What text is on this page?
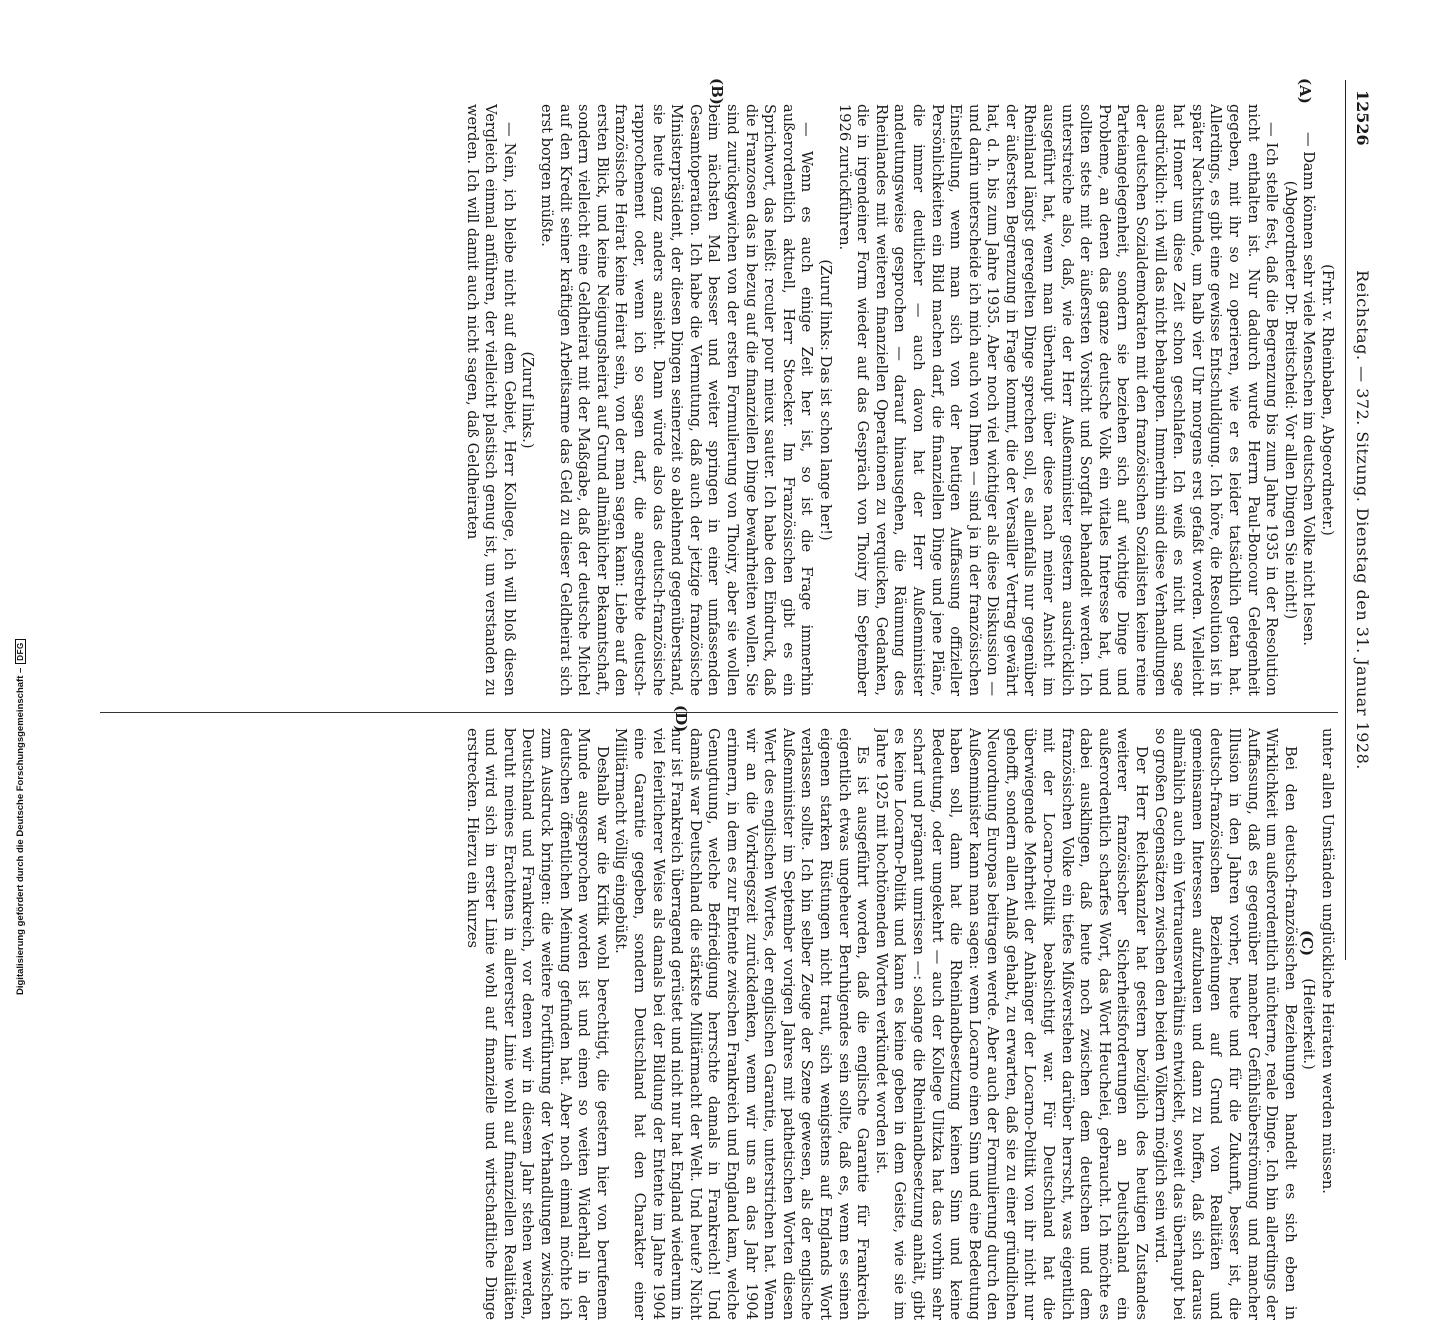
Digitalisierung gefördert durch die Deutsche Forschungsgemeinschaft –
DFG
12526
Reichstag. — 372. Sitzung. Dienstag den 31. Januar 1928.
(A)
(B)
(C)
(D)

(Frhr. v. Rheinbaben, Abgeordneter.)

— Dann können sehr viele Menschen im deutschen Volke nicht lesen.

(Abgeordneter Dr. Breitscheid: Vor allen Dingen Sie nicht!)

— Ich stelle fest, daß die Begrenzung bis zum Jahre 1935 in der Resolution nicht enthalten ist. Nur dadurch wurde Herrn Paul-Boncour Gelegenheit gegeben, mit ihr so zu operieren, wie er es leider tatsächlich getan hat. Allerdings, es gibt eine gewisse Entschuldigung. Ich höre, die Resolution ist in später Nachtstunde, um halb vier Uhr morgens erst gefaßt worden. Vielleicht hat Homer um diese Zeit schon geschlafen. Ich weiß es nicht und sage ausdrücklich: ich will das nicht behaupten. Immerhin sind diese Verhandlungen der deutschen Sozialdemokraten mit den französischen Sozialisten keine reine Parteiangelegenheit, sondern sie beziehen sich auf wichtige Dinge und Probleme, an denen das ganze deutsche Volk ein vitales Interesse hat, und sollten stets mit der äußersten Vorsicht und Sorgfalt behandelt werden. Ich unterstreiche also, daß, wie der Herr Außenminister gestern ausdrücklich ausgeführt hat, wenn man überhaupt über diese nach meiner Ansicht im Rheinland längst geregelten Dinge sprechen soll, es allenfalls nur gegenüber der äußersten Begrenzung in Frage kommt, die der Versailler Vertrag gewährt hat, d. h. bis zum Jahre 1935. Aber noch viel wichtiger als diese Diskussion — und darin unterscheide ich mich auch von Ihnen — sind ja in der französischen Einstellung, wenn man sich von der heutigen Auffassung offizieller Persönlichkeiten ein Bild machen darf, die finanziellen Dinge und jene Pläne, die immer deutlicher — auch davon hat der Herr Außenminister andeutungsweise gesprochen — darauf hinausgehen, die Räumung des Rheinlandes mit weiteren finanziellen Operationen zu verquicken, Gedanken, die in irgendeiner Form wieder auf das Gespräch von Thoiry im September 1926 zurückführen.

(Zuruf links: Das ist schon lange her!)

— Wenn es auch einige Zeit her ist, so ist die Frage immerhin außerordentlich aktuell, Herr Stoecker. Im Französischen gibt es ein Sprichwort, das heißt: reculer pour mieux sauter. Ich habe den Eindruck, daß die Franzosen das in bezug auf die finanziellen Dinge bewahrheiten wollen. Sie sind zurückgewichen von der ersten Formulierung von Thoiry, aber sie wollen beim nächsten Mal besser und weiter springen in einer umfassenden Gesamtoperation. Ich habe die Vermutung, daß auch der jetzige französische Ministerpräsident, der diesen Dingen seinerzeit so ablehnend gegenüberstand, sie heute ganz anders ansieht. Dann würde also das deutsch-französische rapprochement oder, wenn ich so sagen darf, die angestrebte deutsch-französische Heirat keine Heirat sein, von der man sagen kann: Liebe auf den ersten Blick, und keine Neigungsheirat auf Grund allmählicher Bekanntschaft, sondern vielleicht eine Geldheirat mit der Maßgabe, daß der deutsche Michel auf den Kredit seiner kräftigen Arbeitsarme das Geld zu dieser Geldheirat sich erst borgen müßte.

(Zuruf links.)

— Nein, ich bleibe nicht auf dem Gebiet, Herr Kollege, ich will bloß diesen Vergleich einmal anführen, der vielleicht plastisch genug ist, um verstanden zu werden. Ich will damit auch nicht sagen, daß Geldheiraten

unter allen Umständen unglückliche Heiraten werden müssen.

(Heiterkeit.)

Bei den deutsch-französischen Beziehungen handelt es sich eben in Wirklichkeit um außerordentlich nüchterne, reale Dinge. Ich bin allerdings der Auffassung, daß es gegenüber mancher Gefühlsüberströmung und mancher Illusion in den Jahren vorher, heute und für die Zukunft, besser ist, die deutsch-französischen Beziehungen auf Grund von Realitäten und gemeinsamen Interessen aufzubauen und dann zu hoffen, daß sich daraus allmählich auch ein Vertrauensverhältnis entwickelt, soweit das überhaupt bei so großen Gegensätzen zwischen den beiden Völkern möglich sein wird.

Der Herr Reichskanzler hat gestern bezüglich des heutigen Zustandes weiterer französischer Sicherheitsforderungen an Deutschland ein außerordentlich scharfes Wort, das Wort Heuchelei, gebraucht. Ich möchte es dabei ausklingen, daß heute noch zwischen dem deutschen und dem französischen Volke ein tiefes Mißverstehen darüber herrscht, was eigentlich mit der Locarno-Politik beabsichtigt war. Für Deutschland hat die überwiegende Mehrheit der Anhänger der Locarno-Politik von ihr nicht nur gehofft, sondern allen Anlaß gehabt, zu erwarten, daß sie zu einer gründlichen Neuordnung Europas beitragen werde. Aber auch der Formulierung durch den Außenminister kann man sagen: wenn Locarno einen Sinn und eine Bedeutung haben soll, dann hat die Rheinlandbesetzung keinen Sinn und keine Bedeutung, oder umgekehrt — auch der Kollege Ulitzka hat das vorhin sehr scharf und prägnant umrissen —: solange die Rheinlandbesetzung anhält, gibt es keine Locarno-Politik und kann es keine geben in dem Geiste, wie sie im Jahre 1925 mit hochtönenden Worten verkündet worden ist.

Es ist ausgeführt worden, daß die englische Garantie für Frankreich eigentlich etwas ungeheuer Beruhigendes sein sollte, daß es, wenn es seinen eigenen starken Rüstungen nicht traut, sich wenigstens auf Englands Wort verlassen sollte. Ich bin selber Zeuge der Szene gewesen, als der englische Außenminister im September vorigen Jahres mit pathetischen Worten diesen Wert des englischen Wortes, der englischen Garantie, unterstrichen hat. Wenn wir an die Vorkriegszeit zurückdenken, wenn wir uns an das Jahr 1904 erinnern, in dem es zur Entente zwischen Frankreich und England kam, welche Genugtuung, welche Befriedigung herrschte damals in Frankreich! Und damals war Deutschland die stärkste Militärmacht der Welt. Und heute? Nicht nur ist Frankreich überragend gerüstet und nicht nur hat England wiederum in viel feierlicherer Weise als damals bei der Bildung der Entente im Jahre 1904 eine Garantie gegeben, sondern Deutschland hat den Charakter einer Militärmacht völlig eingebüßt.

Deshalb war die Kritik wohl berechtigt, die gestern hier von berufenem Munde ausgesprochen worden ist und einen so weiten Widerhall in der deutschen öffentlichen Meinung gefunden hat. Aber noch einmal möchte ich zum Ausdruck bringen: die weitere Fortführung der Verhandlungen zwischen Deutschland und Frankreich, vor denen wir in diesem Jahr stehen werden, beruht meines Erachtens in allererster Linie wohl auf finanziellen Realitäten und wird sich in erster Linie wohl auf finanzielle und wirtschaftliche Dinge erstrecken. Hierzu ein kurzes
